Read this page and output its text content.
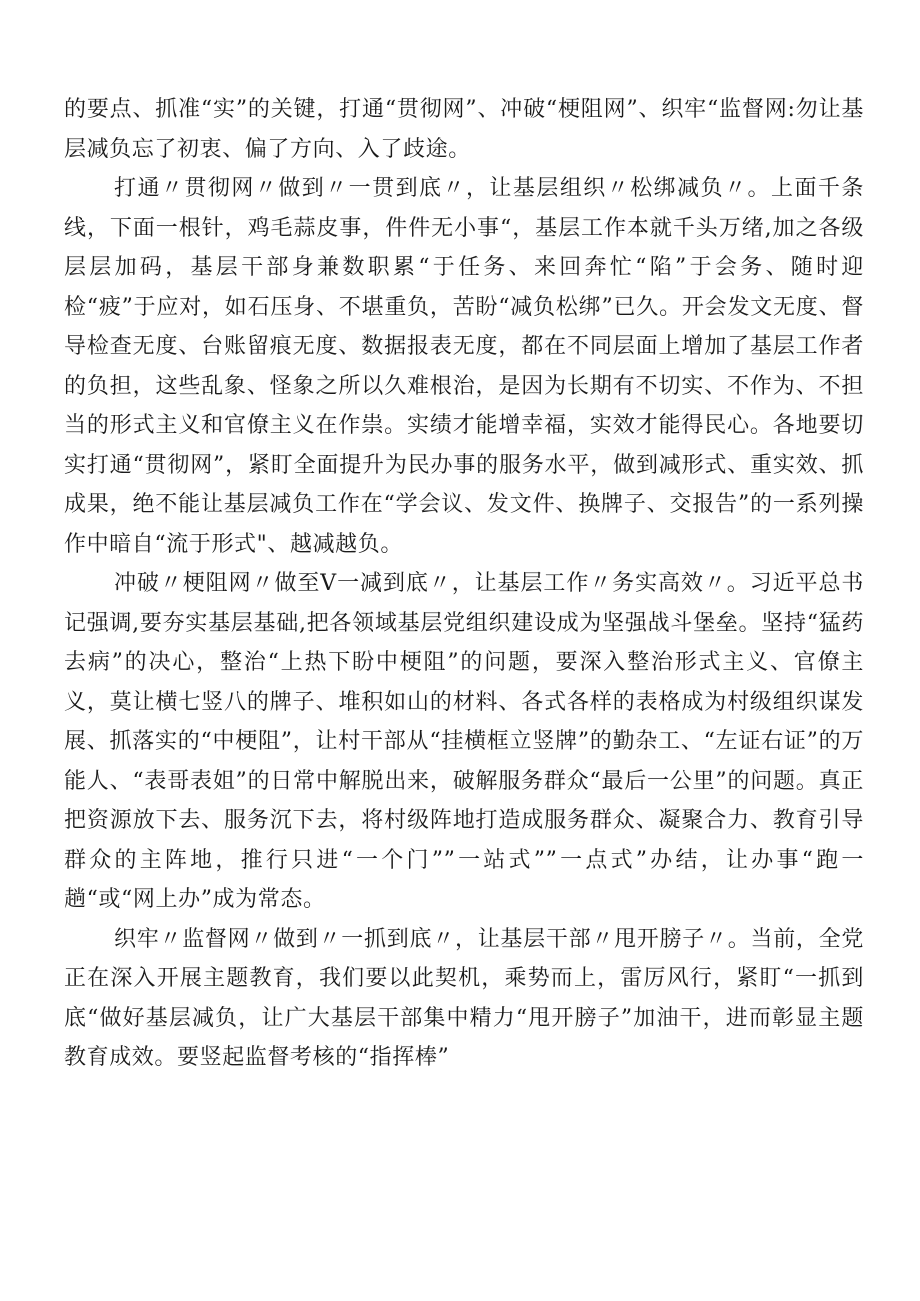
的要点、抓准“实”的关键，打通“贯彻网”、冲破“梗阻网”、织牢“监督网:勿让基层减负忘了初衷、偏了方向、入了歧途。

打通〃贯彻网〃做到〃一贯到底〃，让基层组织〃松绑减负〃。上面千条线，下面一根针，鸡毛蒜皮事，件件无小事“，基层工作本就千头万绪,加之各级层层加码，基层干部身兼数职累“于任务、来回奔忙“陷”于会务、随时迎检“疲”于应对，如石压身、不堪重负，苦盼“减负松绑”已久。开会发文无度、督导检查无度、台账留痕无度、数据报表无度，都在不同层面上增加了基层工作者的负担，这些乱象、怪象之所以久难根治，是因为长期有不切实、不作为、不担当的形式主义和官僚主义在作祟。实绩才能增幸福，实效才能得民心。各地要切实打通“贯彻网”，紧盯全面提升为民办事的服务水平，做到减形式、重实效、抓成果，绝不能让基层减负工作在“学会议、发文件、换牌子、交报告”的一系列操作中暗自“流于形式"、越减越负。

冲破〃梗阻网〃做至V一减到底〃，让基层工作〃务实高效〃。习近平总书记强调,要夯实基层基础,把各领域基层党组织建设成为坚强战斗堡垒。坚持“猛药去病”的决心，整治“上热下盼中梗阻”的问题，要深入整治形式主义、官僚主义，莫让横七竖八的牌子、堆积如山的材料、各式各样的表格成为村级组织谋发展、抓落实的“中梗阻”，让村干部从“挂横框立竖牌”的勤杂工、“左证右证”的万能人、“表哥表姐”的日常中解脱出来，破解服务群众“最后一公里”的问题。真正把资源放下去、服务沉下去，将村级阵地打造成服务群众、凝聚合力、教育引导群众的主阵地，推行只进“一个门””一站式””一点式”办结，让办事“跑一趟“或“网上办”成为常态。

织牢〃监督网〃做到〃一抓到底〃，让基层干部〃甩开膀子〃。当前，全党正在深入开展主题教育，我们要以此契机，乘势而上，雷厉风行，紧盯“一抓到底“做好基层减负，让广大基层干部集中精力“甩开膀子”加油干，进而彰显主题教育成效。要竖起监督考核的“指挥棒”
